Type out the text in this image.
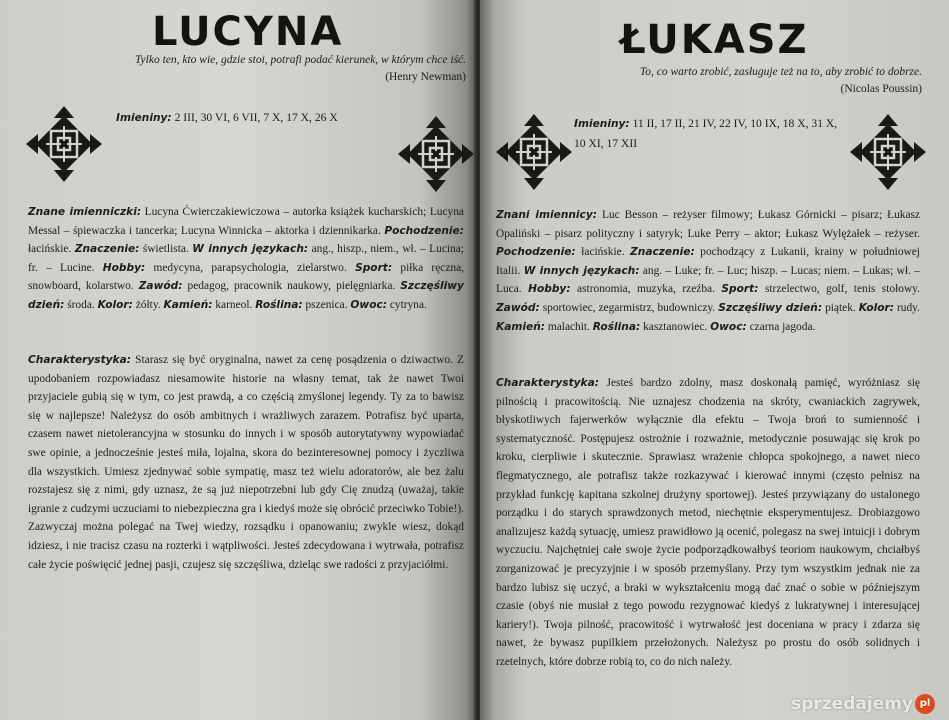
LUCYNA
Tylko ten, kto wie, gdzie stoi, potrafi podać kierunek, w którym chce iść.
(Henry Newman)
Imieniny: 2 III, 30 VI, 6 VII, 7 X, 17 X, 26 X
Znane imienniczki: Lucyna Ćwierczakiewiczowa – autorka książek kucharskich; Lucyna Messal – śpiewaczka i tancerka; Lucyna Winnicka – aktorka i dziennikarka. Pochodzenie: łacińskie. Znaczenie: świetlista. W innych językach: ang., hiszp., niem., wł. – Lucina; fr. – Lucine. Hobby: medycyna, parapsychologia, zielarstwo. Sport: piłka ręczna, snowboard, kolarstwo. Zawód: pedagog, pracownik naukowy, pielęgniarka. Szczęśliwy dzień: środa. Kolor: żółty. Kamień: karneol. Roślina: pszenica. Owoc: cytryna.
Charakterystyka: Starasz się być oryginalna, nawet za cenę posądzenia o dziwactwo. Z upodobaniem rozpowiadasz niesamowite historie na własny temat, tak że nawet Twoi przyjaciele gubią się w tym, co jest prawdą, a co częścią zmyślonej legendy. Ty za to bawisz się w najlepsze! Należysz do osób ambitnych i wrażliwych zarazem. Potrafisz być uparta, czasem nawet nietolerancyjna w stosunku do innych i w sposób autorytatywny wypowiadać swe opinie, a jednocześnie jesteś miła, lojalna, skora do bezinteresownej pomocy i życzliwa dla wszystkich. Umiesz zjednywać sobie sympatię, masz też wielu adoratorów, ale bez żalu rozstajesz się z nimi, gdy uznasz, że są już niepotrzebni lub gdy Cię znudzą (uważaj, takie igranie z cudzymi uczuciami to niebezpieczna gra i kiedyś może się obrócić przeciwko Tobie!). Zazwyczaj można polegać na Twej wiedzy, rozsądku i opanowaniu; zwykle wiesz, dokąd idziesz, i nie tracisz czasu na rozterki i wątpliwości. Jesteś zdecydowana i wytrwała, potrafisz całe życie poświęcić jednej pasji, czujesz się szczęśliwa, dzieląc swe radości z przyjaciółmi.
ŁUKASZ
To, co warto zrobić, zasługuje też na to, aby zrobić to dobrze.
(Nicolas Poussin)
Imieniny: 11 II, 17 II, 21 IV, 22 IV, 10 IX, 18 X, 31 X, 10 XI, 17 XII
Znani imiennicy: Luc Besson – reżyser filmowy; Łukasz Górnicki – pisarz; Łukasz Opaliński – pisarz polityczny i satyryk; Luke Perry – aktor; Łukasz Wylężałek – reżyser. Pochodzenie: łacińskie. Znaczenie: pochodzący z Lukanii, krainy w południowej Italii. W innych językach: ang. – Luke; fr. – Luc; hiszp. – Lucas; niem. – Lukas; wł. – Luca. Hobby: astronomia, muzyka, rzeźba. Sport: strzelectwo, golf, tenis stołowy. Zawód: sportowiec, zegarmistrz, budowniczy. Szczęśliwy dzień: piątek. Kolor: rudy. Kamień: malachit. Roślina: kasztanowiec. Owoc: czarna jagoda.
Charakterystyka: Jesteś bardzo zdolny, masz doskonałą pamięć, wyróżniasz się pilnością i pracowitością. Nie uznajesz chodzenia na skróty, cwaniackich zagrywek, błyskotliwych fajerwerków wyłącznie dla efektu – Twoja broń to sumienność i systematyczność. Postępujesz ostrożnie i rozważnie, metodycznie posuwając się krok po kroku, cierpliwie i skutecznie. Sprawiasz wrażenie chłopca spokojnego, a nawet nieco flegmatycznego, ale potrafisz także rozkazywać i kierować innymi (często pełnisz na przykład funkcję kapitana szkolnej drużyny sportowej). Jesteś przywiązany do ustalonego porządku i do starych sprawdzonych metod, niechętnie eksperymentujesz. Drobiazgowo analizujesz każdą sytuację, umiesz prawidłowo ją ocenić, polegasz na swej intuicji i dobrym wyczuciu. Najchętniej całe swoje życie podporządkowałbyś teoriom naukowym, chciałbyś zorganizować je precyzyjnie i w sposób przemyślany. Przy tym wszystkim jednak nie za bardzo lubisz się uczyć, a braki w wykształceniu mogą dać znać o sobie w późniejszym czasie (obyś nie musiał z tego powodu rezygnować kiedyś z lukratywnej i interesującej kariery!). Twoja pilność, pracowitość i wytrwałość jest doceniana w pracy i zdarza się nawet, że bywasz pupilkiem przełożonych. Należysz po prostu do osób solidnych i rzetelnych, które dobrze robią to, co do nich należy.
sprzedajemy pl
